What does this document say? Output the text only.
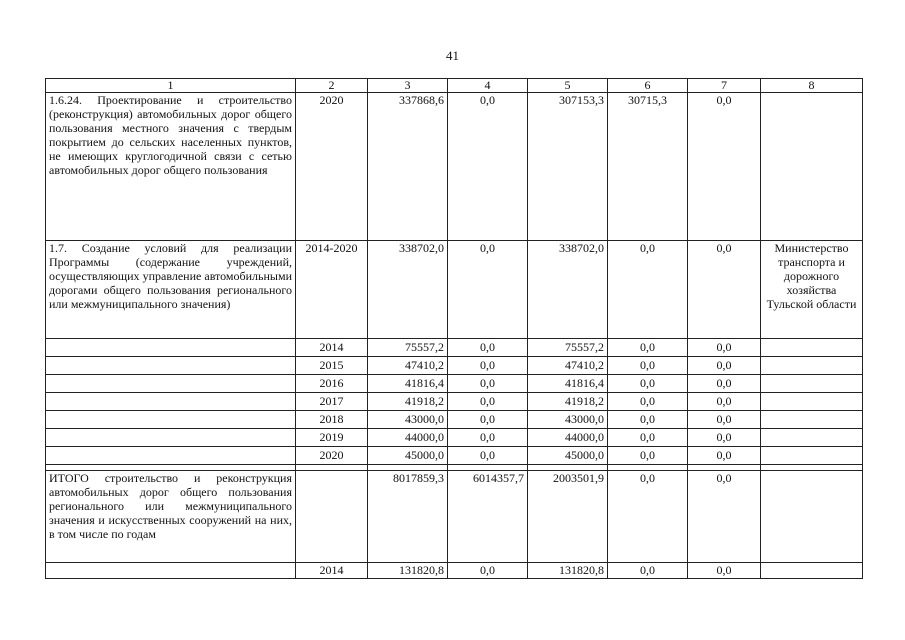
41
1	2	3	4	5	6	7	8
1.6.24. Проектирование и строительство (реконструкция) автомобильных дорог общего пользования местного значения с твердым покрытием до сельских населенных пунктов, не имеющих круглогодичной связи с сетью автомобильных дорог общего пользования	2020	337868,6	0,0	307153,3	30715,3	0,0	
1.7. Создание условий для реализации Программы (содержание учреждений, осуществляющих управление автомобильными дорогами общего пользования регионального или межмуниципального значения)	2014-2020	338702,0	0,0	338702,0	0,0	0,0	Министерство транспорта и дорожного хозяйства Тульской области
	2014	75557,2	0,0	75557,2	0,0	0,0	
	2015	47410,2	0,0	47410,2	0,0	0,0	
	2016	41816,4	0,0	41816,4	0,0	0,0	
	2017	41918,2	0,0	41918,2	0,0	0,0	
	2018	43000,0	0,0	43000,0	0,0	0,0	
	2019	44000,0	0,0	44000,0	0,0	0,0	
	2020	45000,0	0,0	45000,0	0,0	0,0	

ИТОГО строительство и реконструкция автомобильных дорог общего пользования регионального или межмуниципального значения и искусственных сооружений на них, в том числе по годам		8017859,3	6014357,7	2003501,9	0,0	0,0	
	2014	131820,8	0,0	131820,8	0,0	0,0	
